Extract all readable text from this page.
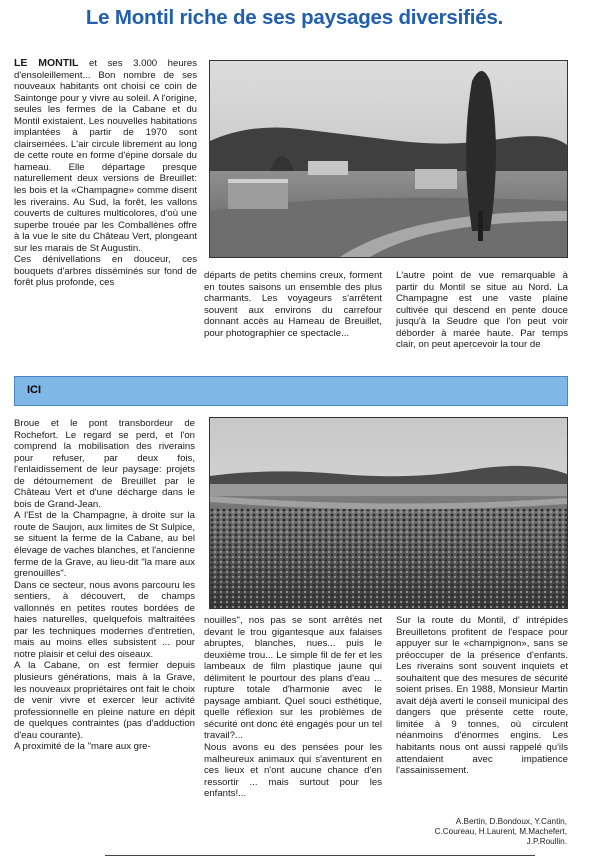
Le Montil riche de ses paysages diversifiés.

LE MONTIL et ses 3.000 heures d'ensoleillement... Bon nombre de ses nouveaux habitants ont choisi ce coin de Saintonge pour y vivre au soleil. A l'origine, seules les fermes de la Cabane et du Montil existaient. Les nouvelles habitations implantées à partir de 1970 sont clairsemées. L'air circule librement au long de cette route en forme d'épine dorsale du hameau. Elle départage presque naturellement deux versions de Breuillet: les bois et la «Champagne» comme disent les riverains. Au Sud, la forêt, les vallons couverts de cultures multicolores, d'où une superbe trouée par les Comballènes offre à la vue le site du Château Vert, plongeant sur les marais de St Augustin.

Ces dénivellations en douceur, ces bouquets d'arbres disséminés sur fond de forêt plus profonde, ces

départs de petits chemins creux, forment en toutes saisons un ensemble des plus charmants. Les voyageurs s'arrêtent souvent aux environs du carrefour donnant accès au Hameau de Breuillet, pour photographier ce spectacle...

L'autre point de vue remarquable à partir du Montil se situe au Nord. La Champagne est une vaste plaine cultivée qui descend en pente douce jusqu'à la Seudre que l'on peut voir déborder à marée haute. Par temps clair, on peut apercevoir la tour de

ICI

Broue et le pont transbordeur de Rochefort. Le regard se perd, et l'on comprend la mobilisation des riverains pour refuser, par deux fois, l'enlaidissement de leur paysage: projets de détournement de Breuillet par le Château Vert et d'une décharge dans le bois de Grand-Jean.

A l'Est de la Champagne, à droite sur la route de Saujon, aux limites de St Sulpice, se situent la ferme de la Cabane, au bel élevage de vaches blanches, et l'ancienne ferme de la Grave, au lieu-dit "la mare aux grenouilles".

Dans ce secteur, nous avons parcouru les sentiers, à découvert, de champs vallonnés en petites routes bordées de haies naturelles, quelquefois maltraitées par les techniques modernes d'entretien, mais au moins elles subsistent ... pour notre plaisir et celui des oiseaux.

A la Cabane, on est fermier depuis plusieurs générations, mais à la Grave, les nouveaux propriétaires ont fait le choix de venir vivre et exercer leur activité professionnelle en pleine nature en dépit de quelques contraintes (pas d'adduction d'eau courante).

A proximité de la "mare aux gre-

nouilles", nos pas se sont arrêtés net devant le trou gigantesque aux falaises abruptes, blanches, nues... puis le deuxième trou... Le simple fil de fer et les lambeaux de film plastique jaune qui délimitent le pourtour des plans d'eau ... rupture totale d'harmonie avec le paysage ambiant. Quel souci esthétique, quelle réflexion sur les problèmes de sécurité ont donc été engagés pour un tel travail?...

Nous avons eu des pensées pour les malheureux animaux qui s'aventurent en ces lieux et n'ont aucune chance d'en ressortir ... mais surtout pour les enfants!...

Sur la route du Montil, d' intrépides Breuilletons profitent de l'espace pour appuyer sur le «champignon», sans se préoccuper de la présence d'enfants. Les riverains sont souvent inquiets et souhaitent que des mesures de sécurité soient prises. En 1988, Monsieur Martin avait déjà averti le conseil municipal des dangers que présente cette route, limitée à 9 tonnes, où circulent néanmoins d'énormes engins. Les habitants nous ont aussi rappelé qu'ils attendaient avec impatience l'assainissement.

A.Bertin, D.Bondoux, Y.Cantin,
C.Coureau, H.Laurent, M.Machefert,
J.P.Roullin.
